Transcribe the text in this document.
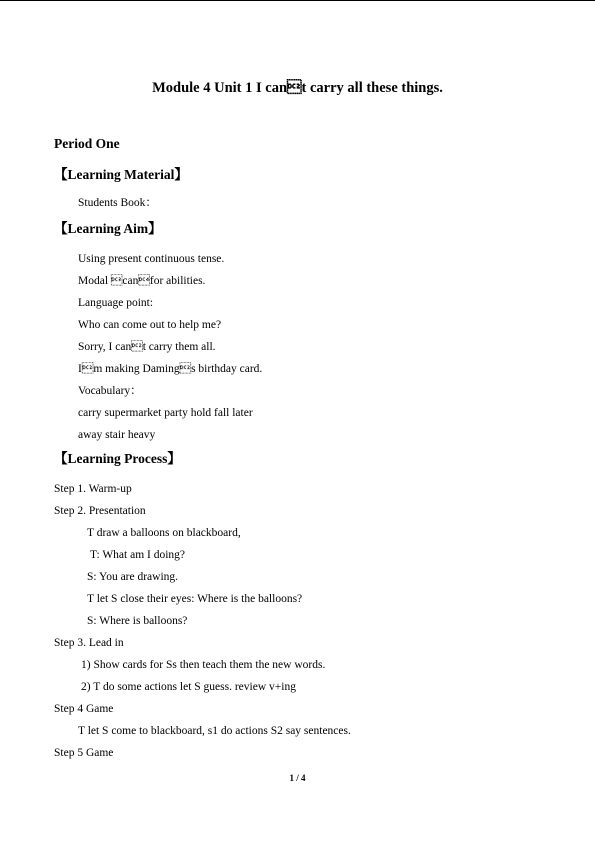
Module 4 Unit 1 I cant carry all these things.
Period One
【Learning Material】
Students Book：
【Learning Aim】
Using present continuous tense.
Modal canfor abilities.
Language point:
Who can come out to help me?
Sorry, I cant carry them all.
Im making Damings birthday card.
Vocabulary：
carry supermarket party hold fall later
away stair heavy
【Learning Process】
Step 1. Warm-up
Step 2. Presentation
T draw a balloons on blackboard,
T: What am I doing?
S: You are drawing.
T let S close their eyes: Where is the balloons?
S: Where is balloons?
Step 3. Lead in
1) Show cards for Ss then teach them the new words.
2) T do some actions let S guess. review v+ing
Step 4 Game
T let S come to blackboard, s1 do actions S2 say sentences.
Step 5 Game
1 / 4
